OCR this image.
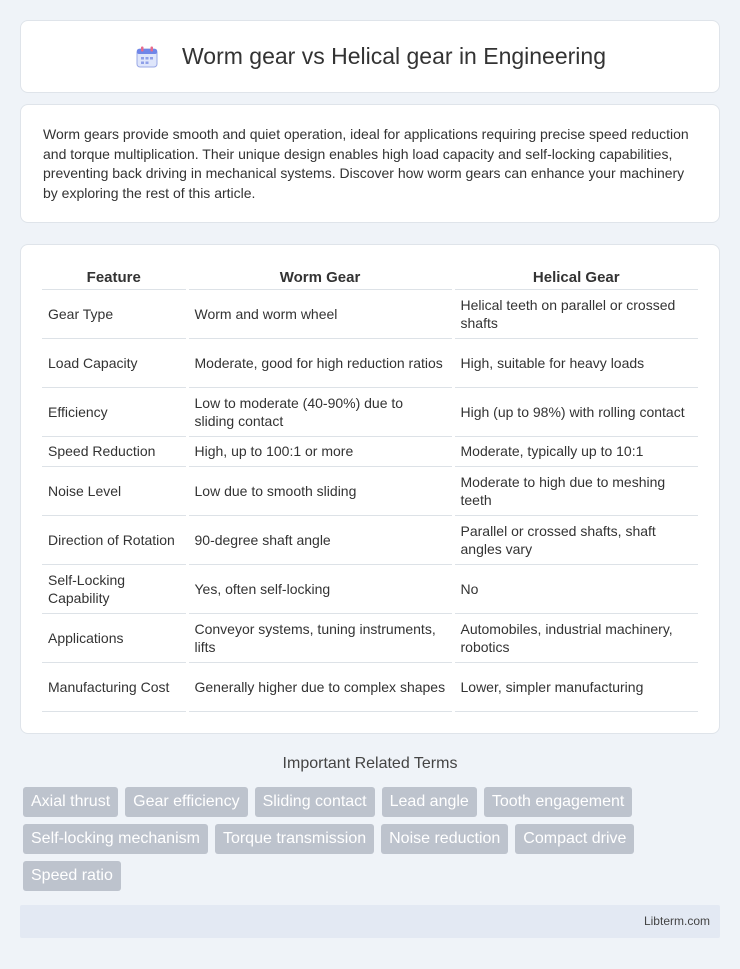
Worm gear vs Helical gear in Engineering

Worm gears provide smooth and quiet operation, ideal for applications requiring precise speed reduction and torque multiplication. Their unique design enables high load capacity and self-locking capabilities, preventing back driving in mechanical systems. Discover how worm gears can enhance your machinery by exploring the rest of this article.

Feature	Worm Gear	Helical Gear
Gear Type	Worm and worm wheel	Helical teeth on parallel or crossed shafts
Load Capacity	Moderate, good for high reduction ratios	High, suitable for heavy loads
Efficiency	Low to moderate (40-90%) due to sliding contact	High (up to 98%) with rolling contact
Speed Reduction	High, up to 100:1 or more	Moderate, typically up to 10:1
Noise Level	Low due to smooth sliding	Moderate to high due to meshing teeth
Direction of Rotation	90-degree shaft angle	Parallel or crossed shafts, shaft angles vary
Self-Locking Capability	Yes, often self-locking	No
Applications	Conveyor systems, tuning instruments, lifts	Automobiles, industrial machinery, robotics
Manufacturing Cost	Generally higher due to complex shapes	Lower, simpler manufacturing
Important Related Terms
Axial thrust	Gear efficiency	Sliding contact	Lead angle	Tooth engagement
Self-locking mechanism	Torque transmission	Noise reduction	Compact drive
Speed ratio
Libterm.com
